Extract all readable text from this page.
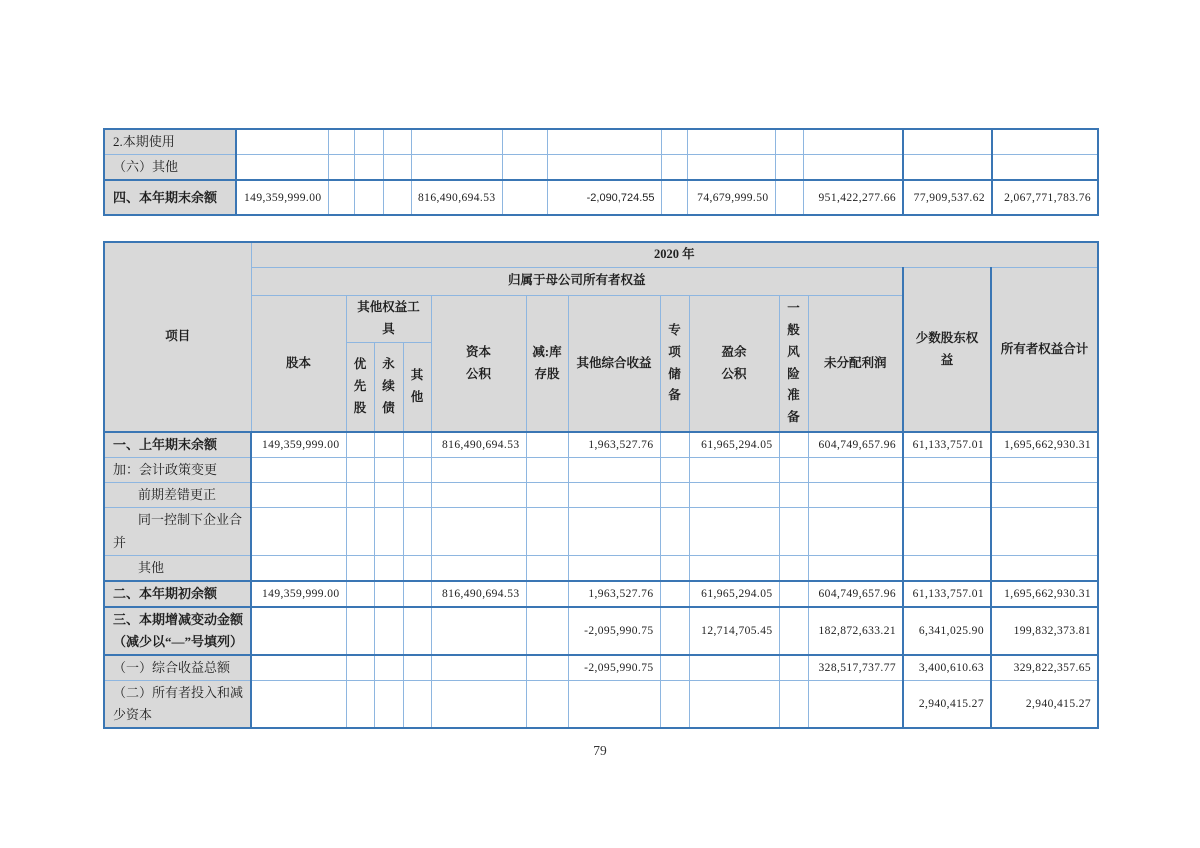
2.本期使用													
（六）其他													
四、本年期末余额	149,359,999.00				816,490,694.53		-2,090,724.55		74,679,999.50		951,422,277.66	77,909,537.62	2,067,771,783.76
项目	2020 年												
	归属于母公司所有者权益											少数股东权益	所有者权益合计
	股本	其他权益工具			资本公积	减:库存股	其他综合收益	专项储备	盈余公积	一般风险准备	未分配利润		
		优先股	永续债	其他									
一、上年期末余额	149,359,999.00				816,490,694.53		1,963,527.76		61,965,294.05		604,749,657.96	61,133,757.01	1,695,662,930.31
加：会计政策变更													
前期差错更正													
同一控制下企业合并													
其他													
二、本年期初余额	149,359,999.00				816,490,694.53		1,963,527.76		61,965,294.05		604,749,657.96	61,133,757.01	1,695,662,930.31
三、本期增减变动金额（减少以“—”号填列）							-2,095,990.75		12,714,705.45		182,872,633.21	6,341,025.90	199,832,373.81
（一）综合收益总额							-2,095,990.75				328,517,737.77	3,400,610.63	329,822,357.65
（二）所有者投入和减少资本												2,940,415.27	2,940,415.27
79
